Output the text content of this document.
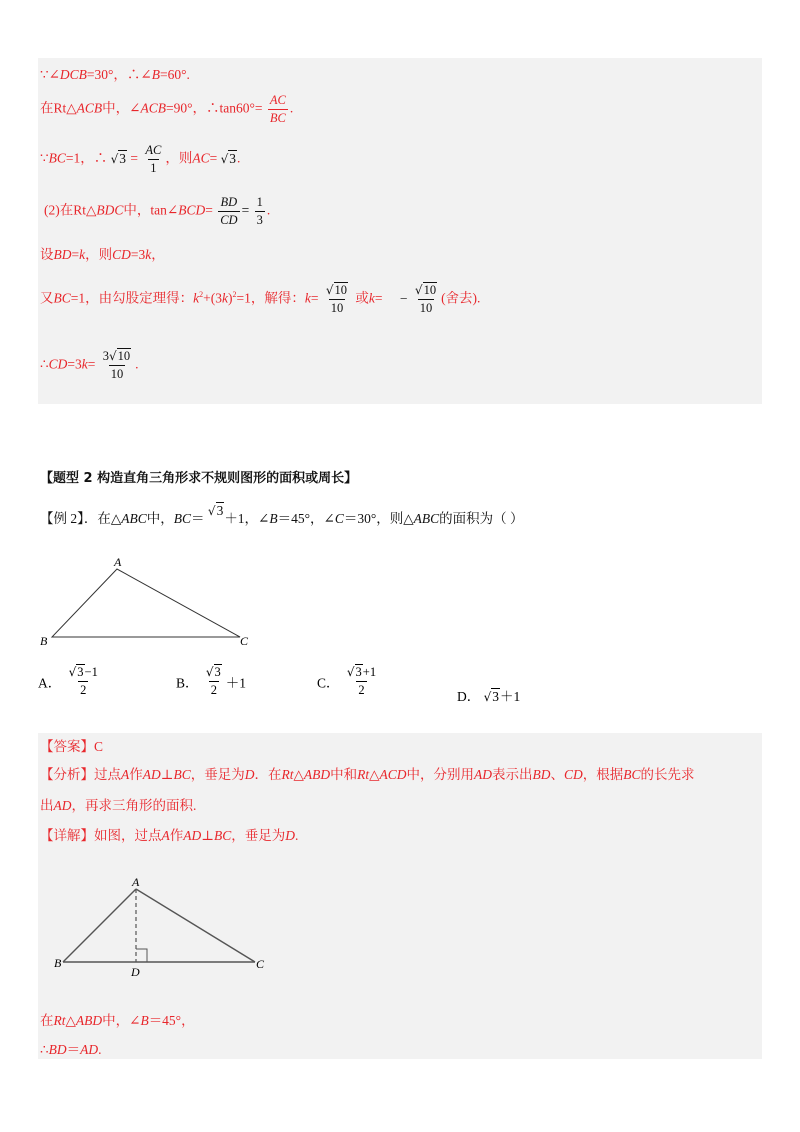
∵∠DCB=30°，∴∠B=60°.
在Rt△ACB中，∠ACB=90°，∴tan60°= $\frac{AC}{BC}$ .
∵BC=1，∴ $√3 = \frac{AC}{1}$ ，则AC= √3.
(2)在Rt△BDC中，tan∠BCD= $\frac{BD}{CD} = \frac{1}{3}$ .
设BD=k，则CD=3k，
又BC=1，由勾股定理得：$k^2+(3k)^2=1$，解得：$k= \frac{√10}{10}$ 或$k= - \frac{√10}{10}$ (舍去).
∴CD=3k= $\frac{3√10}{10}$ .
【题型 2 构造直角三角形求不规则图形的面积或周长】
【例 2】．在△ABC中，BC＝ √3＋1，∠B＝45°，∠C＝30°，则△ABC的面积为（ ）
A
B	C
A． $\frac{√3-1}{2}$	B． $\frac{√3}{2} +1$	C． $\frac{√3+1}{2}$	D． √3＋1
【答案】C
【分析】过点A作AD⊥BC，垂足为D．在Rt△ABD中和Rt△ACD中，分别用AD表示出BD、CD，根据BC的长先求
出AD，再求三角形的面积.
【详解】如图，过点A作AD⊥BC，垂足为D.
A
B	C
D
在Rt△ABD中，∠B＝45°，
∴BD＝AD.
